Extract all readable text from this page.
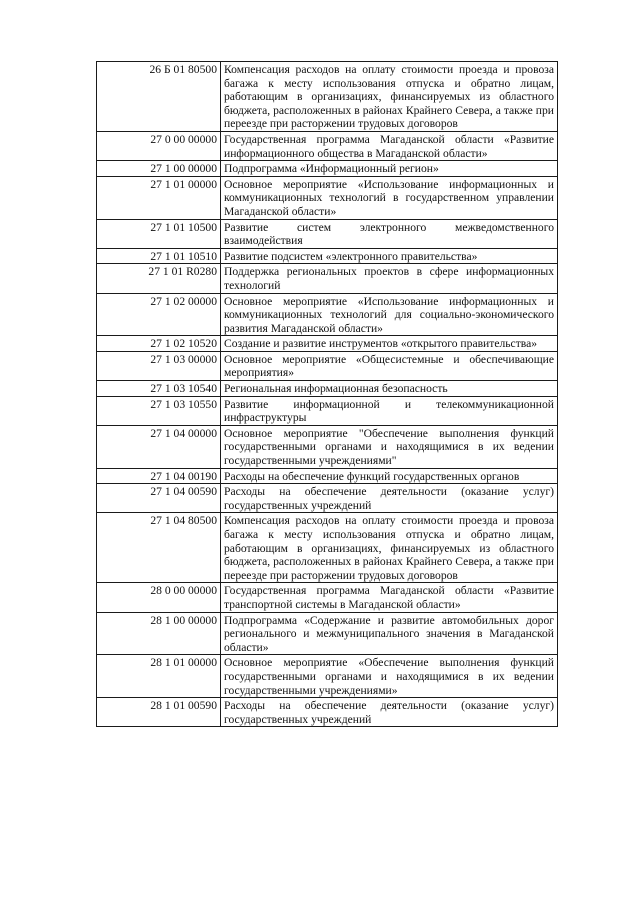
26 Б 01 80500	Компенсация расходов на оплату стоимости проезда и провоза багажа к месту использования отпуска и обратно лицам, работающим в организациях, финансируемых из областного бюджета, расположенных в районах Крайнего Севера, а также при переезде при расторжении трудовых договоров
27 0 00 00000	Государственная программа Магаданской области «Развитие информационного общества в Магаданской области»
27 1 00 00000	Подпрограмма «Информационный регион»
27 1 01 00000	Основное мероприятие «Использование информационных и коммуникационных технологий в государственном управлении Магаданской области»
27 1 01 10500	Развитие систем электронного межведомственного взаимодействия
27 1 01 10510	Развитие подсистем «электронного правительства»
27 1 01 R0280	Поддержка региональных проектов в сфере информационных технологий
27 1 02 00000	Основное мероприятие «Использование информационных и коммуникационных технологий для социально-экономического развития Магаданской области»
27 1 02 10520	Создание и развитие инструментов «открытого правительства»
27 1 03 00000	Основное мероприятие «Общесистемные и обеспечивающие мероприятия»
27 1 03 10540	Региональная информационная безопасность
27 1 03 10550	Развитие информационной и телекоммуникационной инфраструктуры
27 1 04 00000	Основное мероприятие "Обеспечение выполнения функций государственными органами и находящимися в их ведении государственными учреждениями"
27 1 04 00190	Расходы на обеспечение функций государственных органов
27 1 04 00590	Расходы на обеспечение деятельности (оказание услуг) государственных учреждений
27 1 04 80500	Компенсация расходов на оплату стоимости проезда и провоза багажа к месту использования отпуска и обратно лицам, работающим в организациях, финансируемых из областного бюджета, расположенных в районах Крайнего Севера, а также при переезде при расторжении трудовых договоров
28 0 00 00000	Государственная программа Магаданской области «Развитие транспортной системы в Магаданской области»
28 1 00 00000	Подпрограмма «Содержание и развитие автомобильных дорог регионального и межмуниципального значения в Магаданской области»
28 1 01 00000	Основное мероприятие «Обеспечение выполнения функций государственными органами и находящимися в их ведении государственными учреждениями»
28 1 01 00590	Расходы на обеспечение деятельности (оказание услуг) государственных учреждений
